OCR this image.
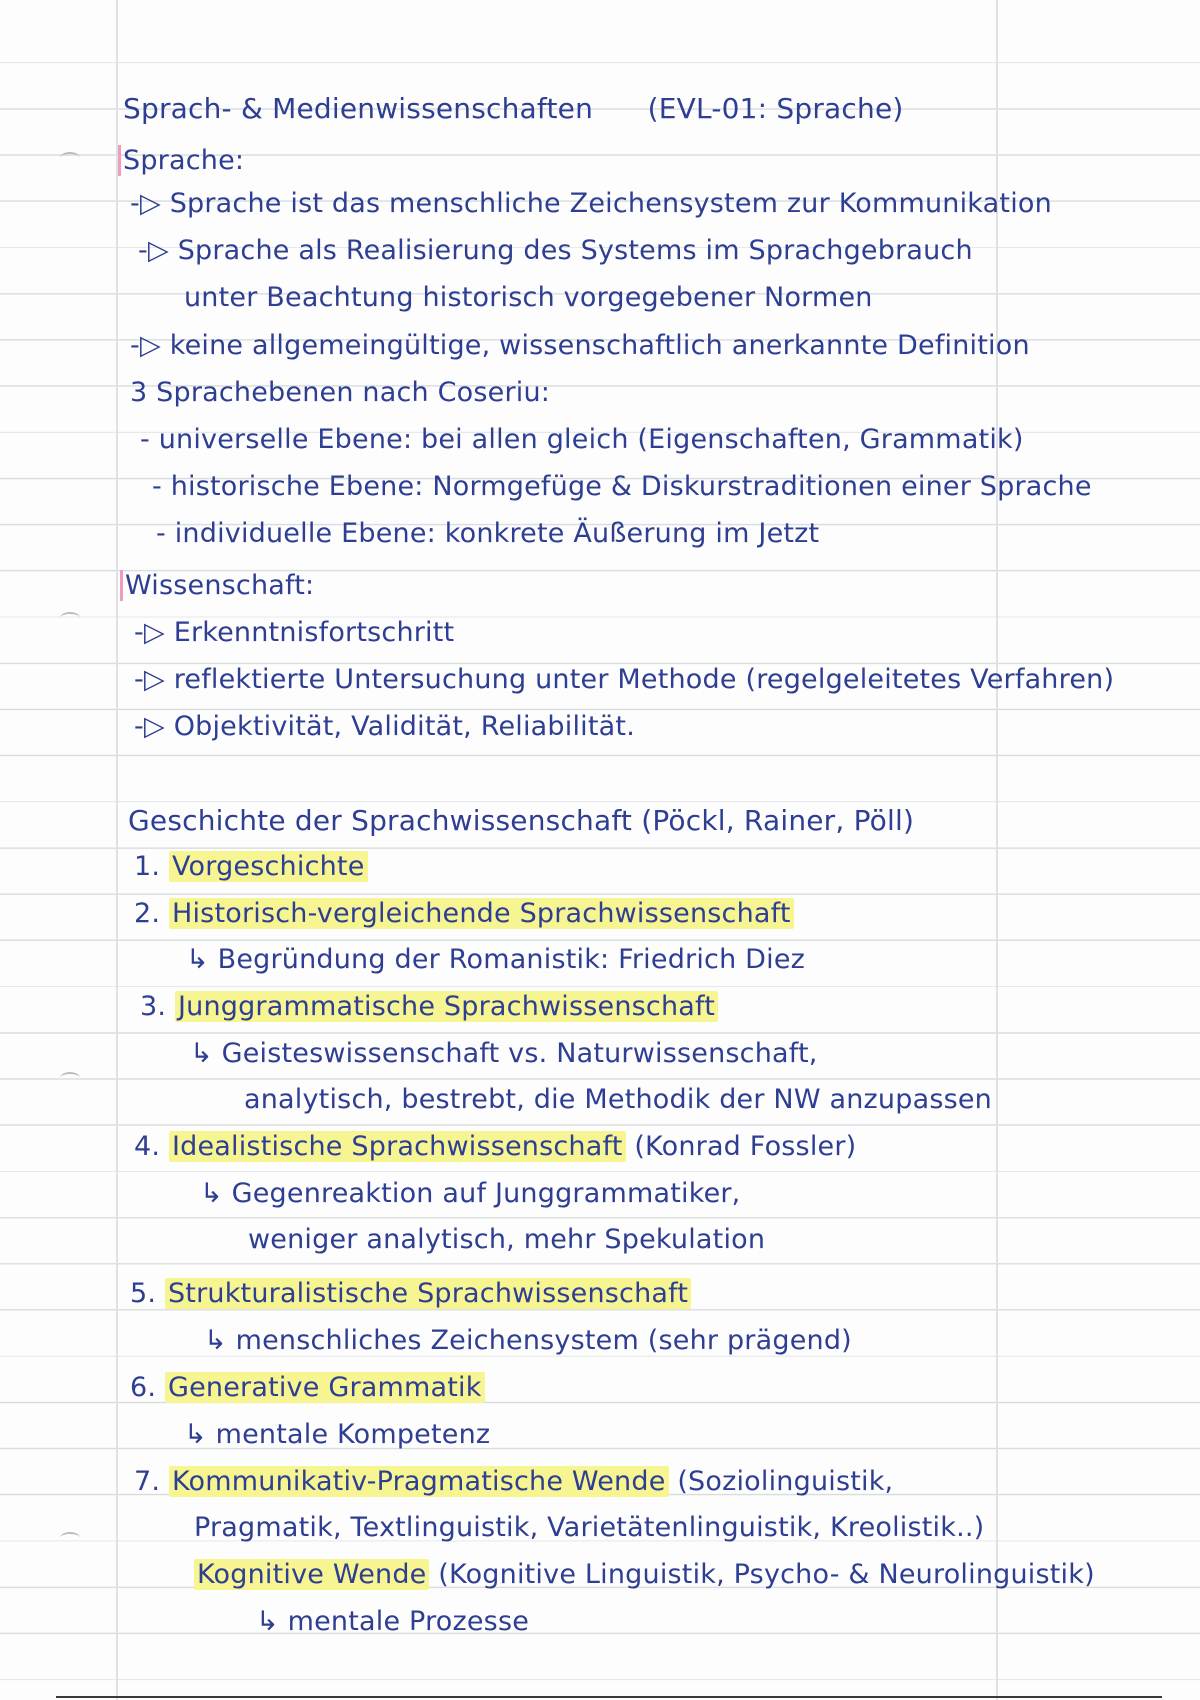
Sprach- & Medienwissenschaften (EVL-01: Sprache)
Sprache:
-▷ Sprache ist das menschliche Zeichensystem zur Kommunikation
-▷ Sprache als Realisierung des Systems im Sprachgebrauch
unter Beachtung historisch vorgegebener Normen
-▷ keine allgemeingültige, wissenschaftlich anerkannte Definition
3 Sprachebenen nach Coseriu:
- universelle Ebene: bei allen gleich (Eigenschaften, Grammatik)
- historische Ebene: Normgefüge & Diskurstraditionen einer Sprache
- individuelle Ebene: konkrete Äußerung im Jetzt
Wissenschaft:
-▷ Erkenntnisfortschritt
-▷ reflektierte Untersuchung unter Methode (regelgeleitetes Verfahren)
-▷ Objektivität, Validität, Reliabilität.
Geschichte der Sprachwissenschaft (Pöckl, Rainer, Pöll)
1. Vorgeschichte
2. Historisch-vergleichende Sprachwissenschaft
↳ Begründung der Romanistik: Friedrich Diez
3. Junggrammatische Sprachwissenschaft
↳ Geisteswissenschaft vs. Naturwissenschaft,
analytisch, bestrebt, die Methodik der NW anzupassen
4. Idealistische Sprachwissenschaft (Konrad Fossler)
↳ Gegenreaktion auf Junggrammatiker,
weniger analytisch, mehr Spekulation
5. Strukturalistische Sprachwissenschaft
↳ menschliches Zeichensystem (sehr prägend)
6. Generative Grammatik
↳ mentale Kompetenz
7. Kommunikativ-Pragmatische Wende (Soziolinguistik,
Pragmatik, Textlinguistik, Varietätenlinguistik, Kreolistik..)
Kognitive Wende (Kognitive Linguistik, Psycho- & Neurolinguistik)
↳ mentale Prozesse
